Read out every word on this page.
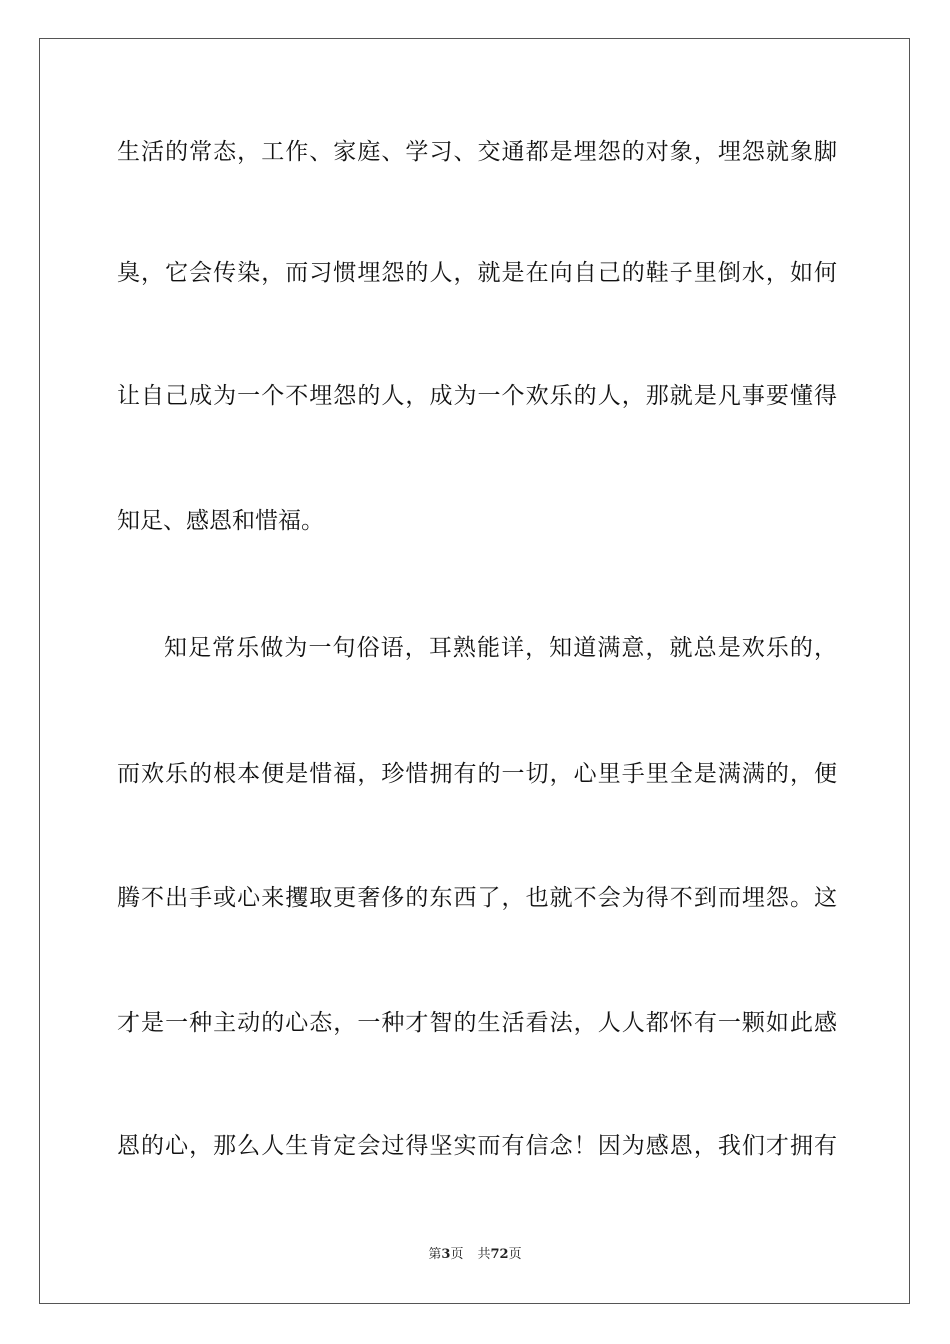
生活的常态，工作、家庭、学习、交通都是埋怨的对象，埋怨就象脚
臭，它会传染，而习惯埋怨的人，就是在向自己的鞋子里倒水，如何
让自己成为一个不埋怨的人，成为一个欢乐的人，那就是凡事要懂得
知足、感恩和惜福。
知足常乐做为一句俗语，耳熟能详，知道满意，就总是欢乐的，
而欢乐的根本便是惜福，珍惜拥有的一切，心里手里全是满满的，便
腾不出手或心来攫取更奢侈的东西了，也就不会为得不到而埋怨。这
才是一种主动的心态，一种才智的生活看法，人人都怀有一颗如此感
恩的心，那么人生肯定会过得坚实而有信念！因为感恩，我们才拥有
第3页 共72页
